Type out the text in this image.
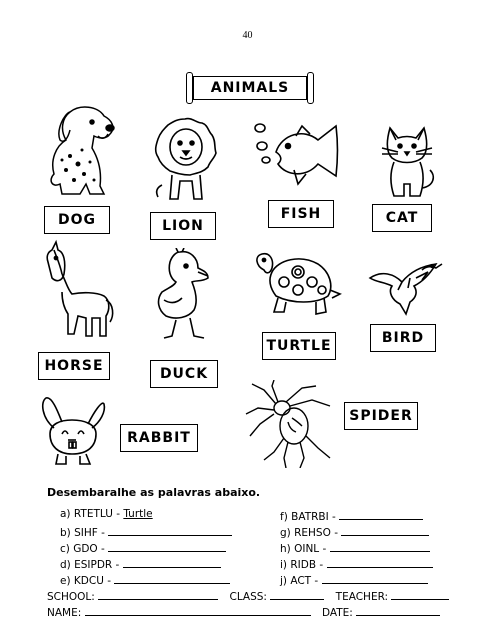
40
ANIMALS
DOG	LION
FISH	CAT
HORSE	DUCK
TURTLE	BIRD
RABBIT
SPIDER
Desembaralhe as palavras abaixo.
a) RTETLU - Turtle
b) SIHF -
c) GDO -
d) ESIPDR -
e) KDCU -
f) BATRBI -
g) REHSO -
h) OINL -
i) RIDB -
j) ACT -
SCHOOL:	CLASS:	TEACHER:
NAME:	DATE:
